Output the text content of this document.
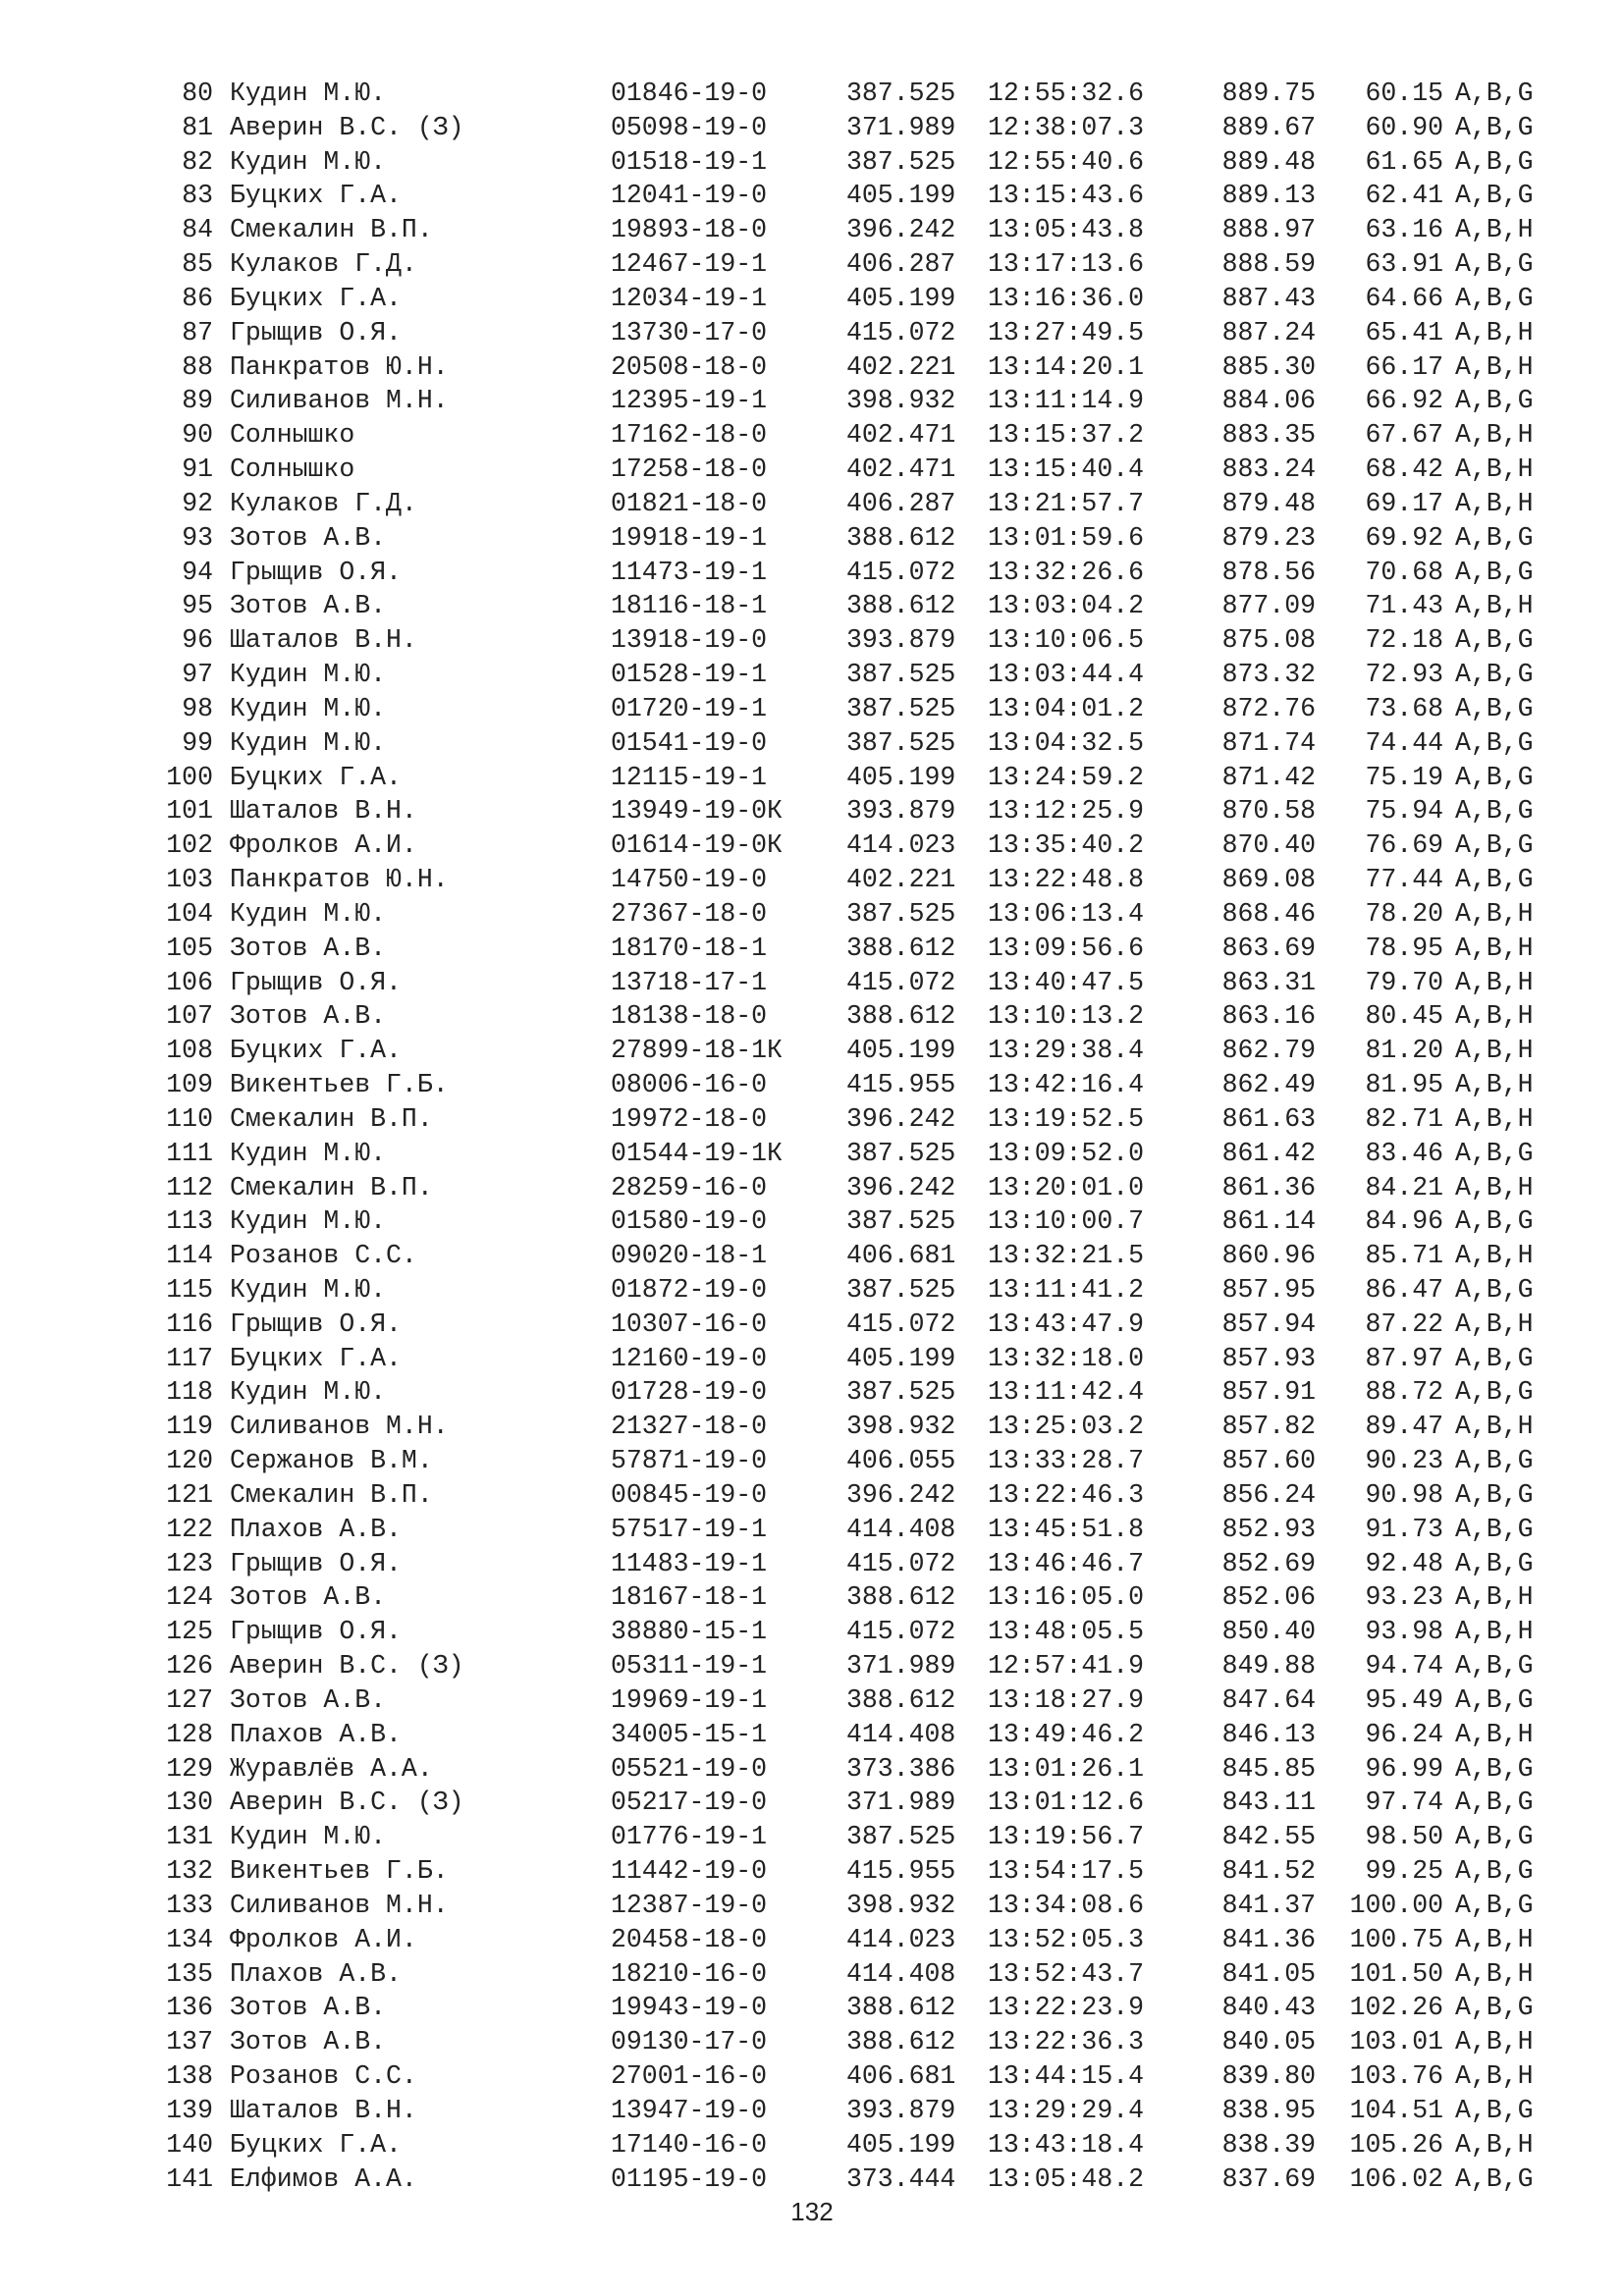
80 Кудин М.Ю.	01846-19-0	387.525 12:55:32.6	889.75 60.15 A,B,G
81 Аверин В.С. (З)	05098-19-0	371.989 12:38:07.3	889.67 60.90 A,B,G
82 Кудин М.Ю.	01518-19-1	387.525 12:55:40.6	889.48 61.65 A,B,G
83 Буцких Г.А.	12041-19-0	405.199 13:15:43.6	889.13 62.41 A,B,G
84 Смекалин В.П.	19893-18-0	396.242 13:05:43.8	888.97 63.16 A,B,H
85 Кулаков Г.Д.	12467-19-1	406.287 13:17:13.6	888.59 63.91 A,B,G
86 Буцких Г.А.	12034-19-1	405.199 13:16:36.0	887.43 64.66 A,B,G
87 Грыщив О.Я.	13730-17-0	415.072 13:27:49.5	887.24 65.41 A,B,H
88 Панкратов Ю.Н.	20508-18-0	402.221 13:14:20.1	885.30 66.17 A,B,H
89 Силиванов М.Н.	12395-19-1	398.932 13:11:14.9	884.06 66.92 A,B,G
90 Солнышко	17162-18-0	402.471 13:15:37.2	883.35 67.67 A,B,H
91 Солнышко	17258-18-0	402.471 13:15:40.4	883.24 68.42 A,B,H
92 Кулаков Г.Д.	01821-18-0	406.287 13:21:57.7	879.48 69.17 A,B,H
93 Зотов А.В.	19918-19-1	388.612 13:01:59.6	879.23 69.92 A,B,G
94 Грыщив О.Я.	11473-19-1	415.072 13:32:26.6	878.56 70.68 A,B,G
95 Зотов А.В.	18116-18-1	388.612 13:03:04.2	877.09 71.43 A,B,H
96 Шаталов В.Н.	13918-19-0	393.879 13:10:06.5	875.08 72.18 A,B,G
97 Кудин М.Ю.	01528-19-1	387.525 13:03:44.4	873.32 72.93 A,B,G
98 Кудин М.Ю.	01720-19-1	387.525 13:04:01.2	872.76 73.68 A,B,G
99 Кудин М.Ю.	01541-19-0	387.525 13:04:32.5	871.74 74.44 A,B,G
100 Буцких Г.А.	12115-19-1	405.199 13:24:59.2	871.42 75.19 A,B,G
101 Шаталов В.Н.	13949-19-0К 393.879 13:12:25.9	870.58 75.94 A,B,G
102 Фролков А.И.	01614-19-0К 414.023 13:35:40.2	870.40 76.69 A,B,G
103 Панкратов Ю.Н.	14750-19-0	402.221 13:22:48.8	869.08 77.44 A,B,G
104 Кудин М.Ю.	27367-18-0	387.525 13:06:13.4	868.46 78.20 A,B,H
105 Зотов А.В.	18170-18-1	388.612 13:09:56.6	863.69 78.95 A,B,H
106 Грыщив О.Я.	13718-17-1	415.072 13:40:47.5	863.31 79.70 A,B,H
107 Зотов А.В.	18138-18-0	388.612 13:10:13.2	863.16 80.45 A,B,H
108 Буцких Г.А.	27899-18-1К 405.199 13:29:38.4	862.79 81.20 A,B,H
109 Викентьев Г.Б.	08006-16-0	415.955 13:42:16.4	862.49 81.95 A,B,H
110 Смекалин В.П.	19972-18-0	396.242 13:19:52.5	861.63 82.71 A,B,H
111 Кудин М.Ю.	01544-19-1К 387.525 13:09:52.0	861.42 83.46 A,B,G
112 Смекалин В.П.	28259-16-0	396.242 13:20:01.0	861.36 84.21 A,B,H
113 Кудин М.Ю.	01580-19-0	387.525 13:10:00.7	861.14 84.96 A,B,G
114 Розанов С.С.	09020-18-1	406.681 13:32:21.5	860.96 85.71 A,B,H
115 Кудин М.Ю.	01872-19-0	387.525 13:11:41.2	857.95 86.47 A,B,G
116 Грыщив О.Я.	10307-16-0	415.072 13:43:47.9	857.94 87.22 A,B,H
117 Буцких Г.А.	12160-19-0	405.199 13:32:18.0	857.93 87.97 A,B,G
118 Кудин М.Ю.	01728-19-0	387.525 13:11:42.4	857.91 88.72 A,B,G
119 Силиванов М.Н.	21327-18-0	398.932 13:25:03.2	857.82 89.47 A,B,H
120 Сержанов В.М.	57871-19-0	406.055 13:33:28.7	857.60 90.23 A,B,G
121 Смекалин В.П.	00845-19-0	396.242 13:22:46.3	856.24 90.98 A,B,G
122 Плахов А.В.	57517-19-1	414.408 13:45:51.8	852.93 91.73 A,B,G
123 Грыщив О.Я.	11483-19-1	415.072 13:46:46.7	852.69 92.48 A,B,G
124 Зотов А.В.	18167-18-1	388.612 13:16:05.0	852.06 93.23 A,B,H
125 Грыщив О.Я.	38880-15-1	415.072 13:48:05.5	850.40 93.98 A,B,H
126 Аверин В.С. (З)	05311-19-1	371.989 12:57:41.9	849.88 94.74 A,B,G
127 Зотов А.В.	19969-19-1	388.612 13:18:27.9	847.64 95.49 A,B,G
128 Плахов А.В.	34005-15-1	414.408 13:49:46.2	846.13 96.24 A,B,H
129 Журавлёв А.А.	05521-19-0	373.386 13:01:26.1	845.85 96.99 A,B,G
130 Аверин В.С. (З)	05217-19-0	371.989 13:01:12.6	843.11 97.74 A,B,G
131 Кудин М.Ю.	01776-19-1	387.525 13:19:56.7	842.55 98.50 A,B,G
132 Викентьев Г.Б.	11442-19-0	415.955 13:54:17.5	841.52 99.25 A,B,G
133 Силиванов М.Н.	12387-19-0	398.932 13:34:08.6	841.37 100.00 A,B,G
134 Фролков А.И.	20458-18-0	414.023 13:52:05.3	841.36 100.75 A,B,H
135 Плахов А.В.	18210-16-0	414.408 13:52:43.7	841.05 101.50 A,B,H
136 Зотов А.В.	19943-19-0	388.612 13:22:23.9	840.43 102.26 A,B,G
137 Зотов А.В.	09130-17-0	388.612 13:22:36.3	840.05 103.01 A,B,H
138 Розанов С.С.	27001-16-0	406.681 13:44:15.4	839.80 103.76 A,B,H
139 Шаталов В.Н.	13947-19-0	393.879 13:29:29.4	838.95 104.51 A,B,G
140 Буцких Г.А.	17140-16-0	405.199 13:43:18.4	838.39 105.26 A,B,H
141 Елфимов А.А.	01195-19-0	373.444 13:05:48.2	837.69 106.02 A,B,G
132
